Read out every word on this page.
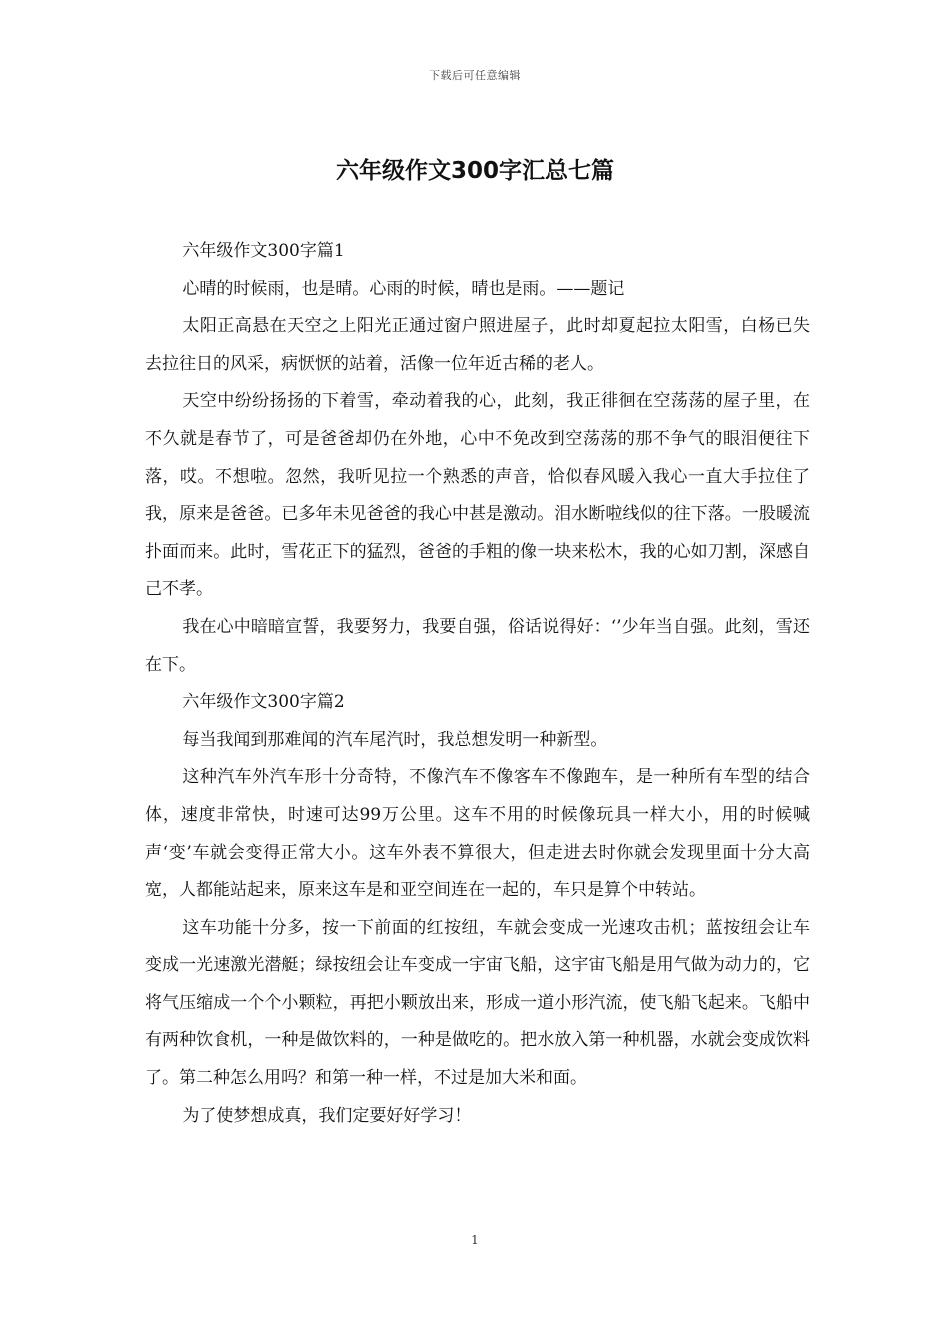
下载后可任意编辑
六年级作文300字汇总七篇

六年级作文300字篇1

心晴的时候雨，也是晴。心雨的时候，晴也是雨。——题记

太阳正高悬在天空之上阳光正通过窗户照进屋子，此时却夏起拉太阳雪，白杨已失去拉往日的风采，病恹恹的站着，活像一位年近古稀的老人。

天空中纷纷扬扬的下着雪，牵动着我的心，此刻，我正徘徊在空荡荡的屋子里，在不久就是春节了，可是爸爸却仍在外地，心中不免改到空荡荡的那不争气的眼泪便往下落，哎。不想啦。忽然，我听见拉一个熟悉的声音，恰似春风暖入我心一直大手拉住了我，原来是爸爸。已多年未见爸爸的我心中甚是激动。泪水断啦线似的往下落。一股暖流扑面而来。此时，雪花正下的猛烈，爸爸的手粗的像一块来松木，我的心如刀割，深感自己不孝。

我在心中暗暗宣誓，我要努力，我要自强，俗话说得好：‘’少年当自强。此刻，雪还在下。

六年级作文300字篇2

每当我闻到那难闻的汽车尾汽时，我总想发明一种新型。

这种汽车外汽车形十分奇特，不像汽车不像客车不像跑车，是一种所有车型的结合体，速度非常快，时速可达99万公里。这车不用的时候像玩具一样大小，用的时候喊声‘变’车就会变得正常大小。这车外表不算很大，但走进去时你就会发现里面十分大高宽，人都能站起来，原来这车是和亚空间连在一起的，车只是算个中转站。

这车功能十分多，按一下前面的红按纽，车就会变成一光速攻击机；蓝按纽会让车变成一光速激光潜艇；绿按纽会让车变成一宇宙飞船，这宇宙飞船是用气做为动力的，它将气压缩成一个个小颗粒，再把小颗放出来，形成一道小形汽流，使飞船飞起来。飞船中有两种饮食机，一种是做饮料的，一种是做吃的。把水放入第一种机器，水就会变成饮料了。第二种怎么用吗？和第一种一样，不过是加大米和面。

为了使梦想成真，我们定要好好学习！

1
